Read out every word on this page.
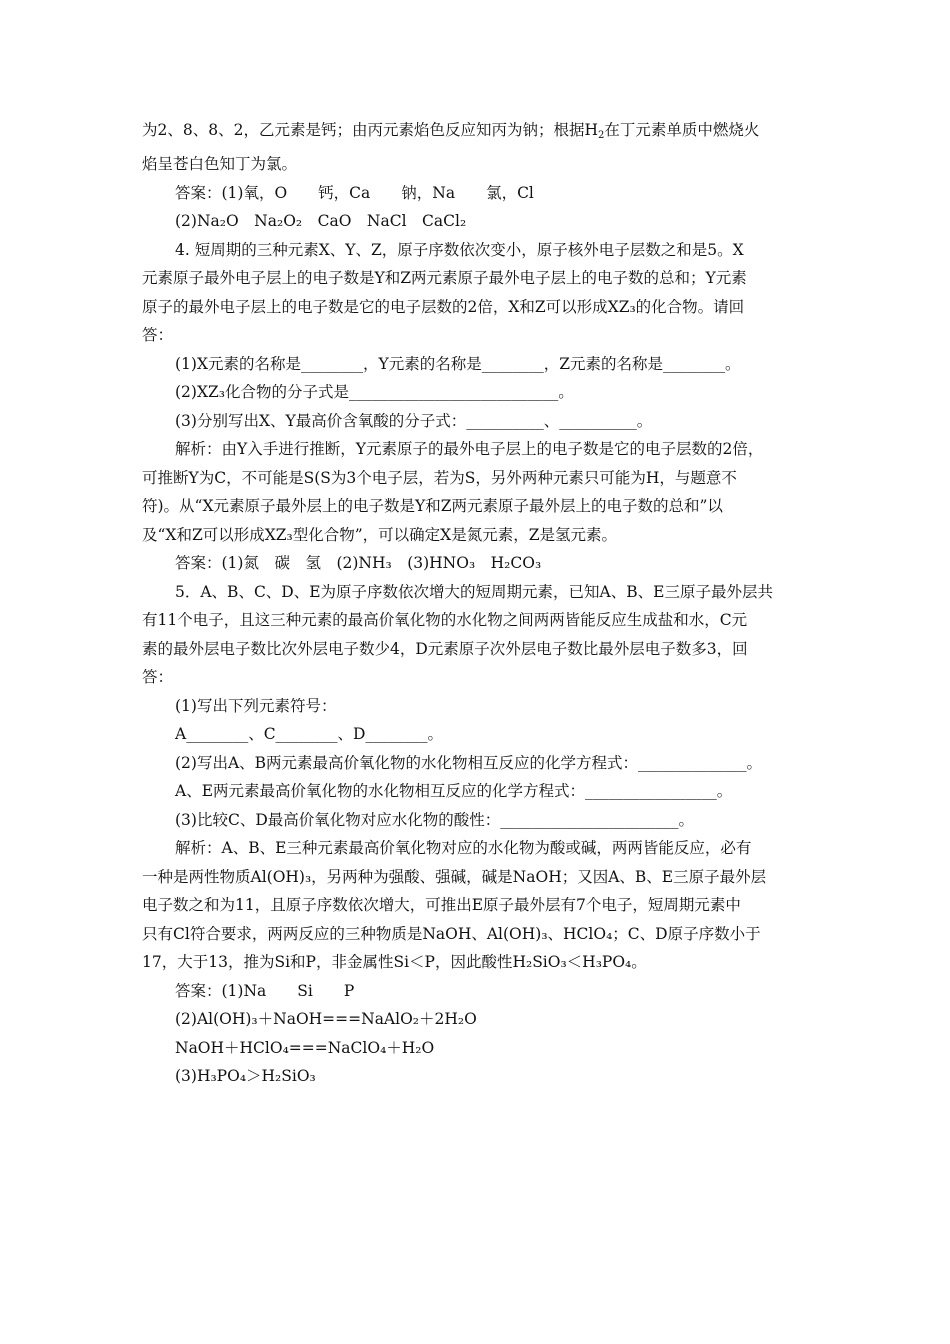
为2、8、8、2，乙元素是钙；由丙元素焰色反应知丙为钠；根据$H_2$在丁元素单质中燃烧火
焰呈苍白色知丁为氯。
答案：(1)氧，O　　钙，Ca　　钠，Na　　氯，Cl
(2)Na₂O　Na₂O₂　CaO　NaCl　CaCl₂
4. 短周期的三种元素X、Y、Z，原子序数依次变小，原子核外电子层数之和是5。X
元素原子最外电子层上的电子数是Y和Z两元素原子最外电子层上的电子数的总和；Y元素
原子的最外电子层上的电子数是它的电子层数的2倍，X和Z可以形成XZ₃的化合物。请回
答：
(1)X元素的名称是________，Y元素的名称是________，Z元素的名称是________。
(2)XZ₃化合物的分子式是___________________________。
(3)分别写出X、Y最高价含氧酸的分子式：__________、__________。
解析：由Y入手进行推断，Y元素原子的最外电子层上的电子数是它的电子层数的2倍，
可推断Y为C，不可能是S(S为3个电子层，若为S，另外两种元素只可能为H，与题意不
符)。从“X元素原子最外层上的电子数是Y和Z两元素原子最外层上的电子数的总和”以
及“X和Z可以形成XZ₃型化合物”，可以确定X是氮元素，Z是氢元素。
答案：(1)氮　碳　氢　(2)NH₃　(3)HNO₃　H₂CO₃
5．A、B、C、D、E为原子序数依次增大的短周期元素，已知A、B、E三原子最外层共
有11个电子，且这三种元素的最高价氧化物的水化物之间两两皆能反应生成盐和水，C元
素的最外层电子数比次外层电子数少4，D元素原子次外层电子数比最外层电子数多3，回
答：
(1)写出下列元素符号：
A________、C________、D________。
(2)写出A、B两元素最高价氧化物的水化物相互反应的化学方程式：______________。
A、E两元素最高价氧化物的水化物相互反应的化学方程式：_________________。
(3)比较C、D最高价氧化物对应水化物的酸性：_______________________。
解析：A、B、E三种元素最高价氧化物对应的水化物为酸或碱，两两皆能反应，必有
一种是两性物质Al(OH)₃，另两种为强酸、强碱，碱是NaOH；又因A、B、E三原子最外层
电子数之和为11，且原子序数依次增大，可推出E原子最外层有7个电子，短周期元素中
只有Cl符合要求，两两反应的三种物质是NaOH、Al(OH)₃、HClO₄；C、D原子序数小于
17，大于13，推为Si和P，非金属性Si＜P，因此酸性H₂SiO₃＜H₃PO₄。
答案：(1)Na　　Si　　P
(2)Al(OH)₃＋NaOH===NaAlO₂＋2H₂O
NaOH＋HClO₄===NaClO₄＋H₂O
(3)H₃PO₄＞H₂SiO₃
